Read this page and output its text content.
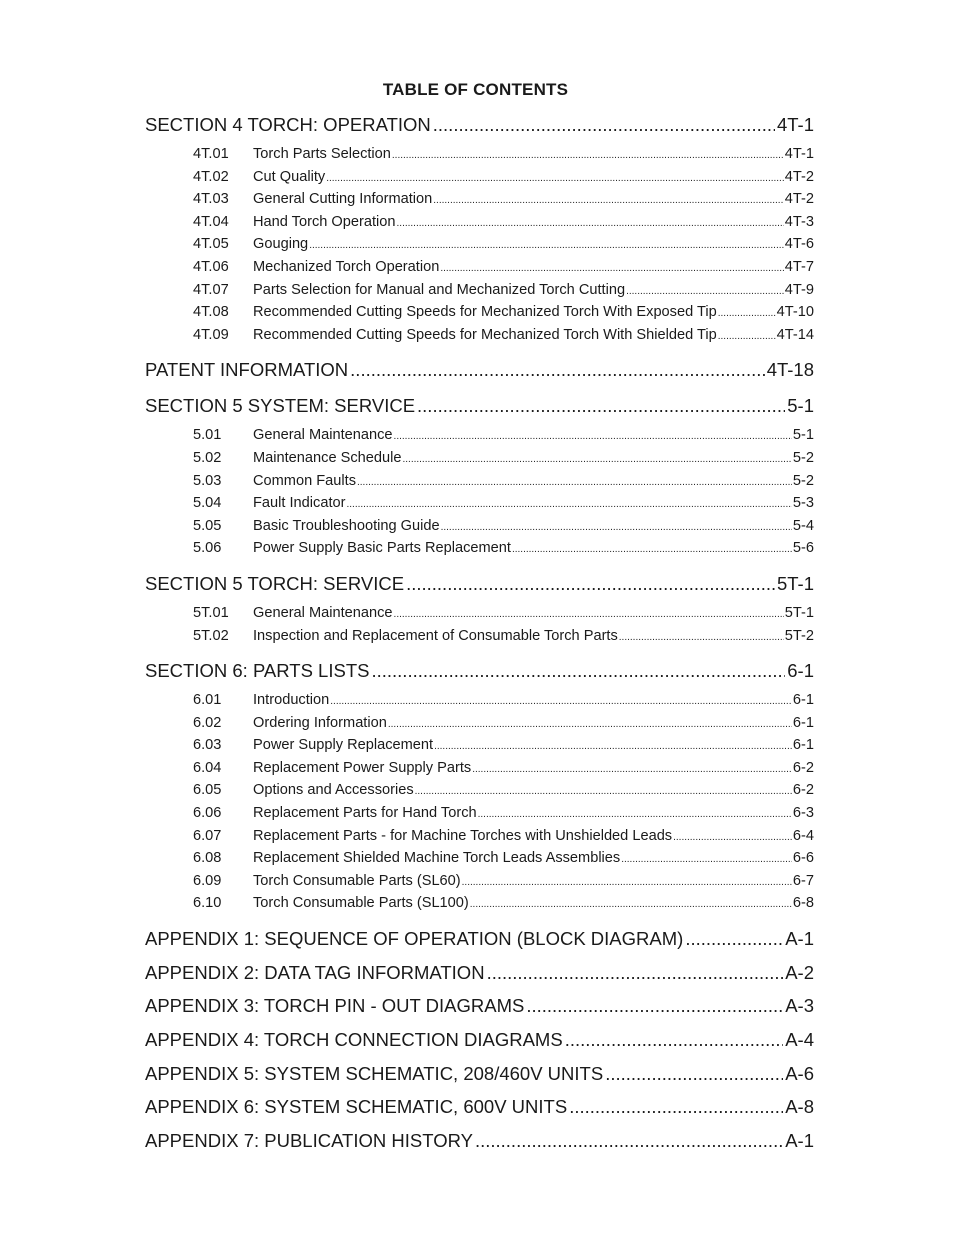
TABLE OF CONTENTS
SECTION 4 TORCH: OPERATION .....	4T-1
4T.01	Torch Parts Selection .....	4T-1
4T.02	Cut Quality .....	4T-2
4T.03	General Cutting Information .....	4T-2
4T.04	Hand Torch Operation .....	4T-3
4T.05	Gouging .....	4T-6
4T.06	Mechanized Torch Operation .....	4T-7
4T.07	Parts Selection for Manual and Mechanized Torch Cutting .....	4T-9
4T.08	Recommended Cutting Speeds for Mechanized Torch With Exposed Tip .....	4T-10
4T.09	Recommended Cutting Speeds for Mechanized Torch With Shielded Tip .....	4T-14
PATENT INFORMATION .....	4T-18
SECTION 5 SYSTEM: SERVICE .....	5-1
5.01	General Maintenance .....	5-1
5.02	Maintenance Schedule .....	5-2
5.03	Common Faults .....	5-2
5.04	Fault Indicator .....	5-3
5.05	Basic Troubleshooting Guide .....	5-4
5.06	Power Supply Basic Parts Replacement .....	5-6
SECTION 5 TORCH: SERVICE .....	5T-1
5T.01	General Maintenance .....	5T-1
5T.02	Inspection and Replacement of Consumable Torch Parts .....	5T-2
SECTION 6: PARTS LISTS .....	6-1
6.01	Introduction .....	6-1
6.02	Ordering Information .....	6-1
6.03	Power Supply Replacement .....	6-1
6.04	Replacement Power Supply Parts .....	6-2
6.05	Options and Accessories .....	6-2
6.06	Replacement Parts for Hand Torch .....	6-3
6.07	Replacement Parts - for Machine Torches with Unshielded Leads .....	6-4
6.08	Replacement Shielded Machine Torch Leads Assemblies .....	6-6
6.09	Torch Consumable Parts (SL60) .....	6-7
6.10	Torch Consumable Parts (SL100) .....	6-8
APPENDIX 1: SEQUENCE OF OPERATION (BLOCK DIAGRAM) .....	A-1
APPENDIX 2: DATA TAG INFORMATION .....	A-2
APPENDIX 3: TORCH PIN - OUT DIAGRAMS .....	A-3
APPENDIX 4: TORCH CONNECTION DIAGRAMS .....	A-4
APPENDIX 5: SYSTEM SCHEMATIC, 208/460V UNITS .....	A-6
APPENDIX 6: SYSTEM SCHEMATIC, 600V UNITS .....	A-8
APPENDIX 7: PUBLICATION HISTORY .....	A-1
